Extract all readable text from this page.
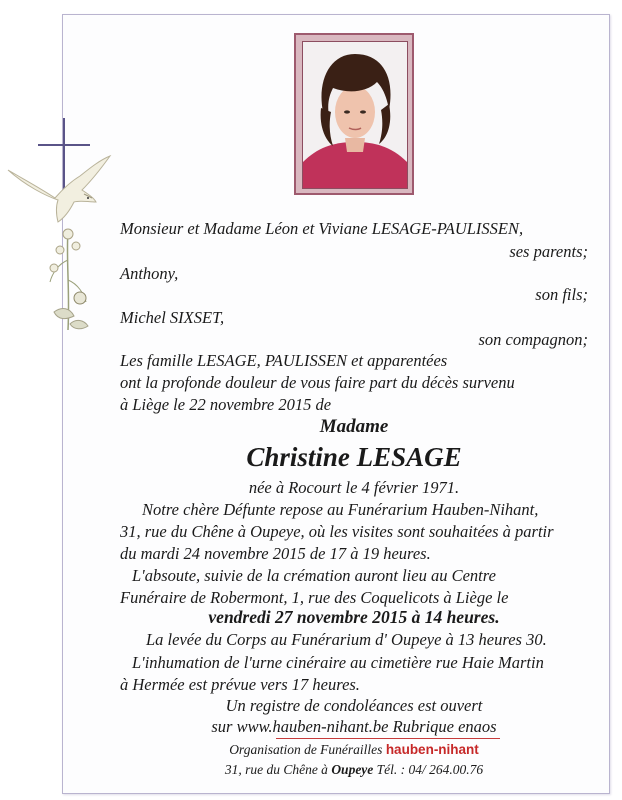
Monsieur et Madame Léon et Viviane LESAGE-PAULISSEN,
ses parents;
Anthony,
son fils;
Michel SIXSET,
son compagnon;
Les famille LESAGE, PAULISSEN et apparentées
ont la profonde douleur de vous faire part du décès survenu
à Liège le 22 novembre 2015 de
Madame
Christine LESAGE
née à Rocourt le 4 février 1971.
Notre chère Défunte repose au Funérarium Hauben-Nihant,
31, rue du Chêne à Oupeye, où les visites sont souhaitées à partir
du mardi 24 novembre 2015 de 17 à 19 heures.
L'absoute, suivie de la crémation auront lieu au Centre
Funéraire de Robermont, 1, rue des Coquelicots à Liège le
vendredi 27 novembre 2015 à 14 heures.
La levée du Corps au Funérarium d' Oupeye à 13 heures 30.
L'inhumation de l'urne cinéraire au cimetière rue Haie Martin
à Hermée est prévue vers 17 heures.
Un registre de condoléances est ouvert
sur www.hauben-nihant.be Rubrique enaos
Organisation de Funérailles hauben-nihant
31, rue du Chêne à Oupeye Tél. : 04/ 264.00.76
